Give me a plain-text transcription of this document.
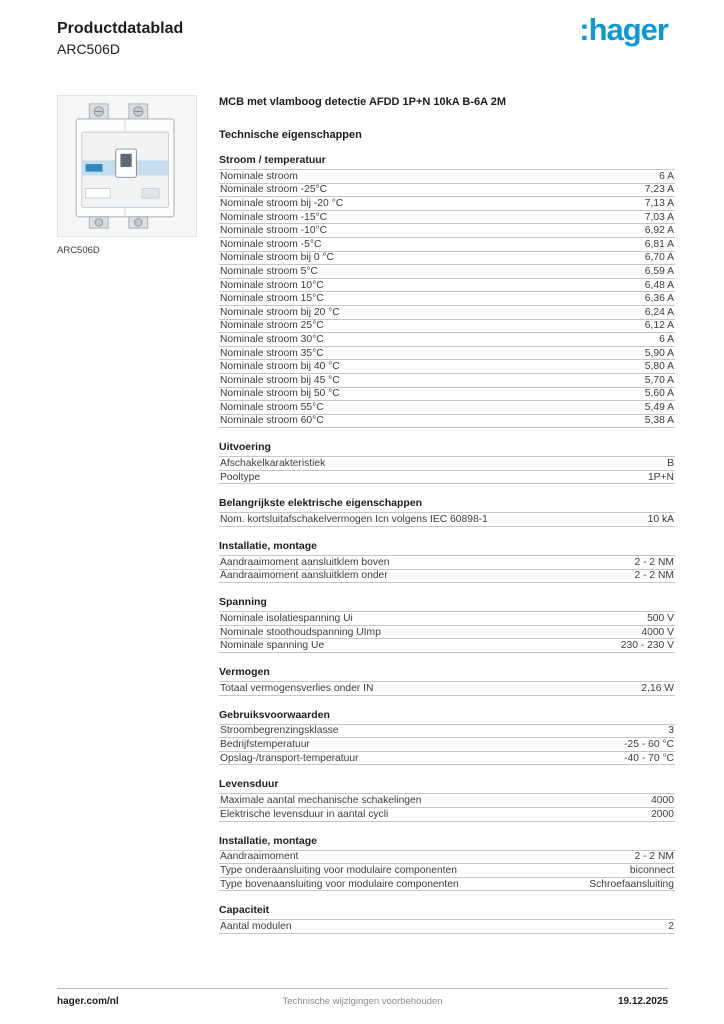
Productdatablad
ARC506D
:hager
ARC506D
MCB met vlamboog detectie AFDD 1P+N 10kA B-6A 2M
Technische eigenschappen
Stroom / temperatuur
Nominale stroom	6 A
Nominale stroom -25°C	7,23 A
Nominale stroom bij -20 °C	7,13 A
Nominale stroom -15°C	7,03 A
Nominale stroom -10°C	6,92 A
Nominale stroom -5°C	6,81 A
Nominale stroom bij 0 °C	6,70 A
Nominale stroom 5°C	6,59 A
Nominale stroom 10°C	6,48 A
Nominale stroom 15°C	6,36 A
Nominale stroom bij 20 °C	6,24 A
Nominale stroom 25°C	6,12 A
Nominale stroom 30°C	6 A
Nominale stroom 35°C	5,90 A
Nominale stroom bij 40 °C	5,80 A
Nominale stroom bij 45 °C	5,70 A
Nominale stroom bij 50 °C	5,60 A
Nominale stroom 55°C	5,49 A
Nominale stroom 60°C	5,38 A
Uitvoering
Afschakelkarakteristiek	B
Pooltype	1P+N
Belangrijkste elektrische eigenschappen
Nom. kortsluitafschakelvermogen Icn volgens IEC 60898-1	10 kA
Installatie, montage
Aandraaimoment aansluitklem boven	2 - 2 NM
Aandraaimoment aansluitklem onder	2 - 2 NM
Spanning
Nominale isolatiespanning Ui	500 V
Nominale stoothoudspanning UImp	4000 V
Nominale spanning Ue	230 - 230 V
Vermogen
Totaal vermogensverlies onder IN	2,16 W
Gebruiksvoorwaarden
Stroombegrenzingsklasse	3
Bedrijfstemperatuur	-25 - 60 °C
Opslag-/transport-temperatuur	-40 - 70 °C
Levensduur
Maximale aantal mechanische schakelingen	4000
Elektrische levensduur in aantal cycli	2000
Installatie, montage
Aandraaimoment	2 - 2 NM
Type onderaansluiting voor modulaire componenten	biconnect
Type bovenaansluiting voor modulaire componenten	Schroefaansluiting
Capaciteit
Aantal modulen	2
hager.com/nl	Technische wijzigingen voorbehouden	19.12.2025
